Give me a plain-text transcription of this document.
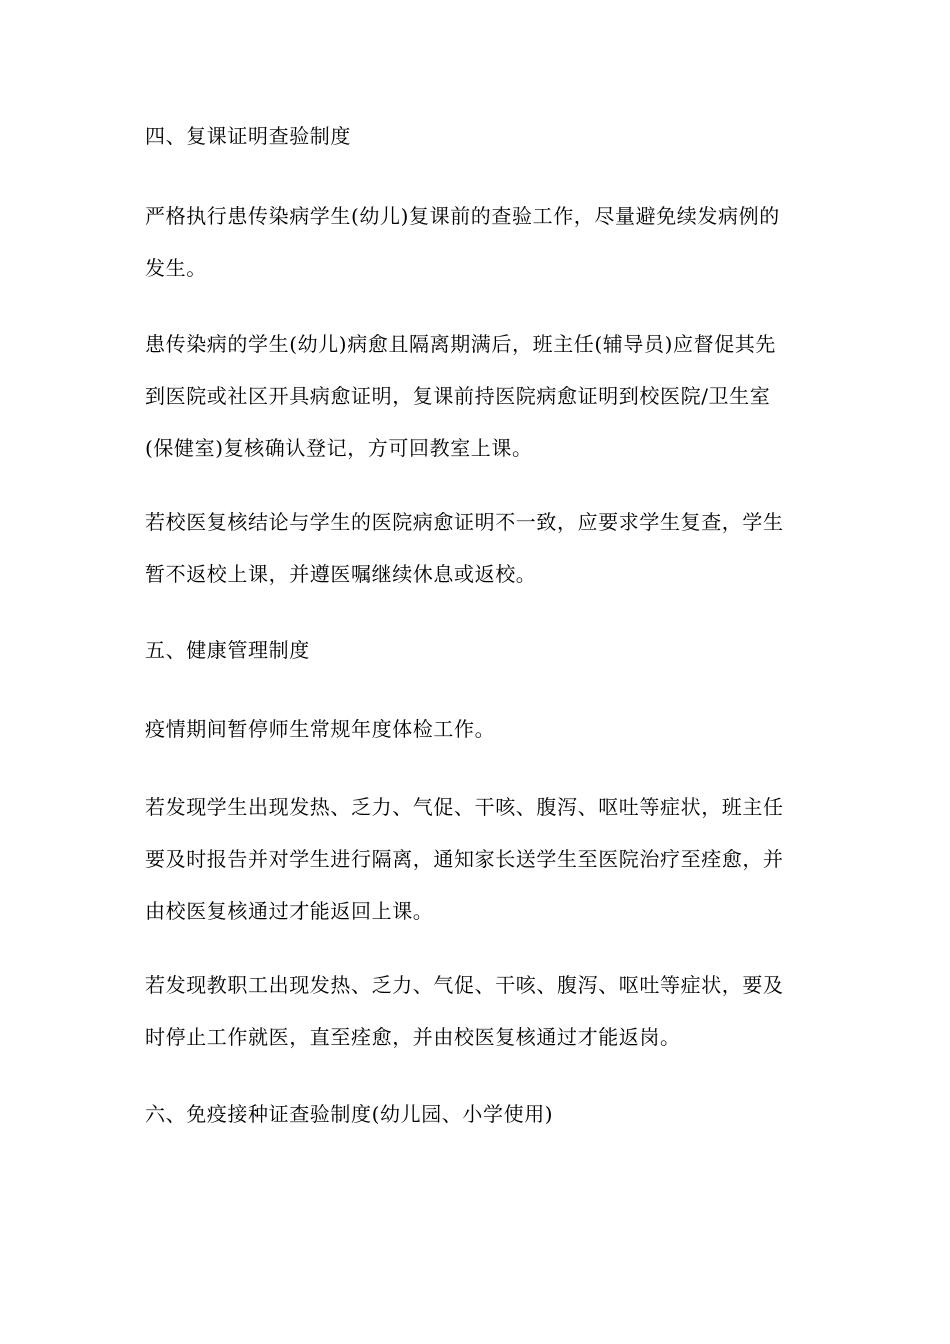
四、复课证明查验制度

严格执行患传染病学生(幼儿)复课前的查验工作，尽量避免续发病例的
发生。

患传染病的学生(幼儿)病愈且隔离期满后，班主任(辅导员)应督促其先
到医院或社区开具病愈证明，复课前持医院病愈证明到校医院/卫生室
(保健室)复核确认登记，方可回教室上课。

若校医复核结论与学生的医院病愈证明不一致，应要求学生复查，学生
暂不返校上课，并遵医嘱继续休息或返校。

五、健康管理制度

疫情期间暂停师生常规年度体检工作。

若发现学生出现发热、乏力、气促、干咳、腹泻、呕吐等症状，班主任
要及时报告并对学生进行隔离，通知家长送学生至医院治疗至痊愈，并
由校医复核通过才能返回上课。

若发现教职工出现发热、乏力、气促、干咳、腹泻、呕吐等症状，要及
时停止工作就医，直至痊愈，并由校医复核通过才能返岗。

六、免疫接种证查验制度(幼儿园、小学使用)
